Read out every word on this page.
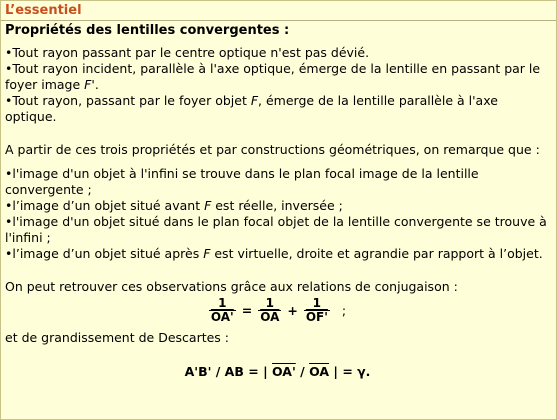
L’essentiel
Propriétés des lentilles convergentes :

• Tout rayon passant par le centre optique n'est pas dévié.

• Tout rayon incident, parallèle à l'axe optique, émerge de la lentille en passant par le foyer image F'.

• Tout rayon, passant par le foyer objet F, émerge de la lentille parallèle à l'axe optique.

A partir de ces trois propriétés et par constructions géométriques, on remarque que :

• l'image d'un objet à l'infini se trouve dans le plan focal image de la lentille convergente ;

• l’image d’un objet situé avant F est réelle, inversée ;

• l'image d'un objet situé dans le plan focal objet de la lentille convergente se trouve à l'infini ;

• l’image d’un objet situé après F est virtuelle, droite et agrandie par rapport à l’objet.

On peut retrouver ces observations grâce aux relations de conjugaison :

$\frac{1}{OA'} = \frac{1}{OA} + \frac{1}{OF'}$ ;

et de grandissement de Descartes :

A'B' / AB = | OA' / $\overline{OA}$ | = γ.
